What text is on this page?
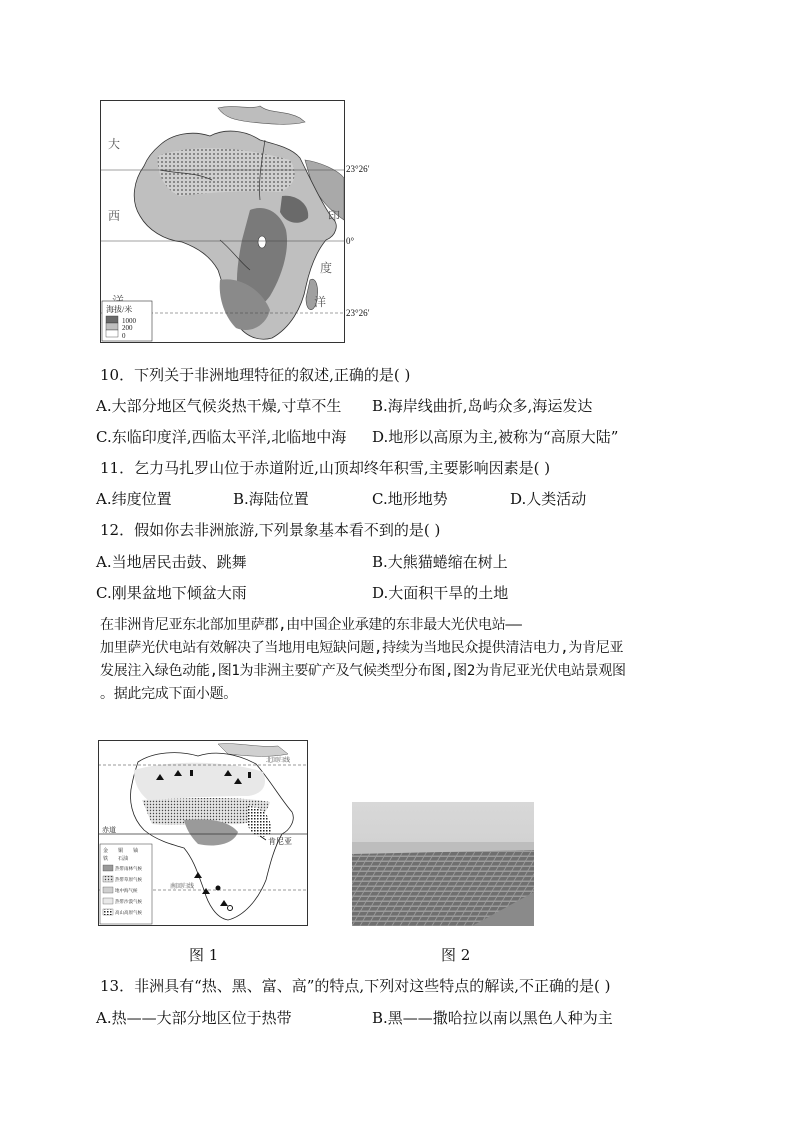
大
西	印
度
洋
海拔/米
1000
200
0
23°26′
0°
23°26′
10．下列关于非洲地理特征的叙述,正确的是( )
A.大部分地区气候炎热干燥,寸草不生 B.海岸线曲折,岛屿众多,海运发达
C.东临印度洋,西临太平洋,北临地中海 D.地形以高原为主,被称为“高原大陆”
11．乞力马扎罗山位于赤道附近,山顶却终年积雪,主要影响因素是( )
A.纬度位置	B.海陆位置	C.地形地势	D.人类活动
12．假如你去非洲旅游,下列景象基本看不到的是( )
A.当地居民击鼓、跳舞	B.大熊猫蜷缩在树上
C.刚果盆地下倾盆大雨	D.大面积干旱的土地
在非洲肯尼亚东北部加里萨郡,由中国企业承建的东非最大光伏电站——
加里萨光伏电站有效解决了当地用电短缺问题,持续为当地民众提供清洁电力,为肯尼亚
发展注入绿色动能,图1为非洲主要矿产及气候类型分布图,图2为肯尼亚光伏电站景观图
。据此完成下面小题。
赤道
北回归线
南回归线
肯尼亚
金 铜 铀
铁 石油
热带雨林气候
热带草原气候
地中海气候
热带沙漠气候
高山高原气候
图 1	图 2
13．非洲具有“热、黑、富、高”的特点,下列对这些特点的解读,不正确的是( )
A.热——大部分地区位于热带	B.黑——撒哈拉以南以黑色人种为主
